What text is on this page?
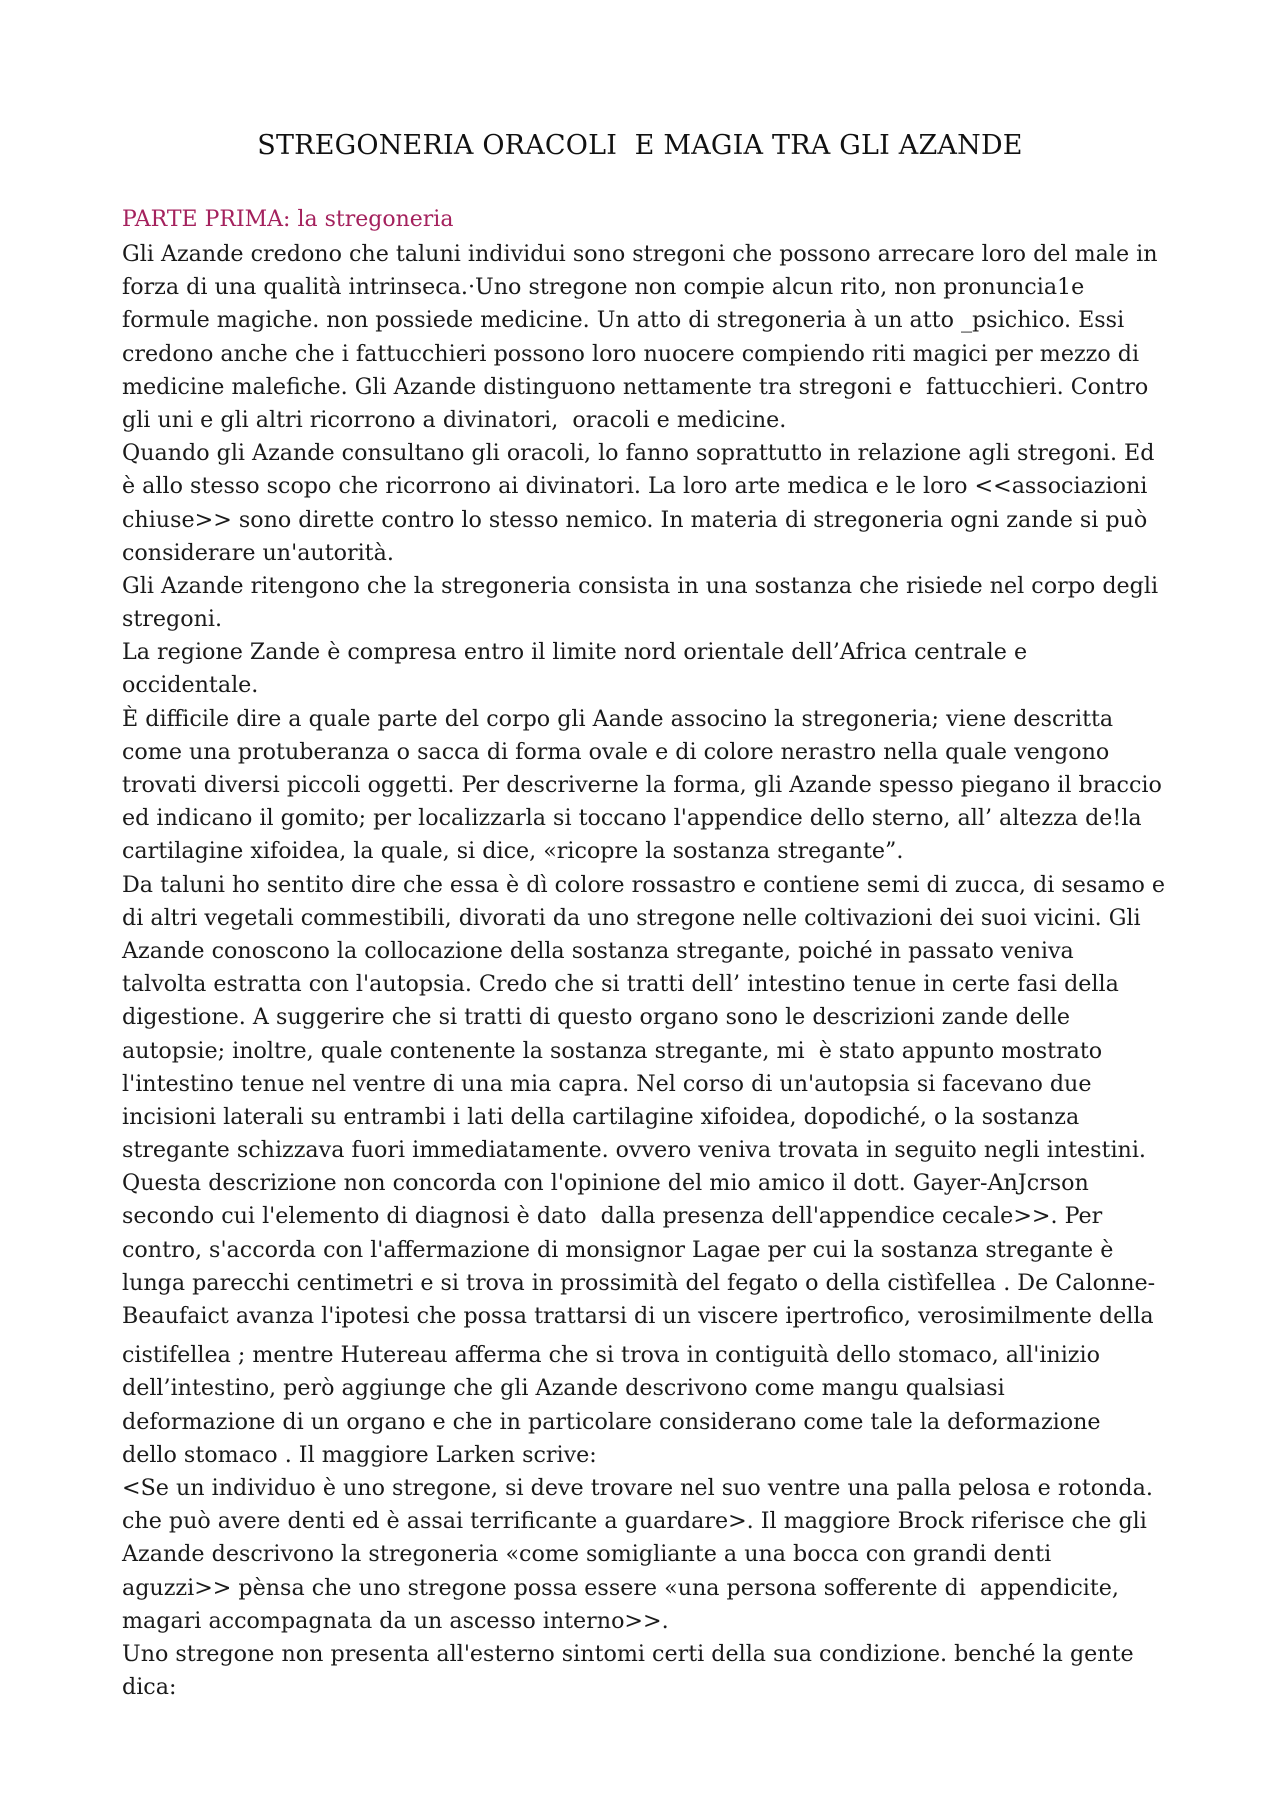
STREGONERIA ORACOLI  E MAGIA TRA GLI AZANDE
PARTE PRIMA: la stregoneria
Gli Azande credono che taluni individui sono stregoni che possono arrecare loro del male in
forza di una qualità intrinseca.·Uno stregone non compie alcun rito, non pronuncia1e
formule magiche. non possiede medicine. Un atto di stregoneria à un atto _psichico. Essi
credono anche che i fattucchieri possono loro nuocere compiendo riti magici per mezzo di
medicine malefiche. Gli Azande distinguono nettamente tra stregoni e  fattucchieri. Contro
gli uni e gli altri ricorrono a divinatori,  oracoli e medicine.
Quando gli Azande consultano gli oracoli, lo fanno soprattutto in relazione agli stregoni. Ed
è allo stesso scopo che ricorrono ai divinatori. La loro arte medica e le loro <<associazioni
chiuse>> sono dirette contro lo stesso nemico. In materia di stregoneria ogni zande si può
considerare un'autorità.
Gli Azande ritengono che la stregoneria consista in una sostanza che risiede nel corpo degli
stregoni.
La regione Zande è compresa entro il limite nord orientale dell’Africa centrale e
occidentale.
È difficile dire a quale parte del corpo gli Aande associno la stregoneria; viene descritta
come una protuberanza o sacca di forma ovale e di colore nerastro nella quale vengono
trovati diversi piccoli oggetti. Per descriverne la forma, gli Azande spesso piegano il braccio
ed indicano il gomito; per localizzarla si toccano l'appendice dello sterno, all’ altezza de!la
cartilagine xifoidea, la quale, si dice, «ricopre la sostanza stregante”.
Da taluni ho sentito dire che essa è dì colore rossastro e contiene semi di zucca, di sesamo e
di altri vegetali commestibili, divorati da uno stregone nelle coltivazioni dei suoi vicini. Gli
Azande conoscono la collocazione della sostanza stregante, poiché in passato veniva
talvolta estratta con l'autopsia. Credo che si tratti dell’ intestino tenue in certe fasi della
digestione. A suggerire che si tratti di questo organo sono le descrizioni zande delle
autopsie; inoltre, quale contenente la sostanza stregante, mi  è stato appunto mostrato
l'intestino tenue nel ventre di una mia capra. Nel corso di un'autopsia si facevano due
incisioni laterali su entrambi i lati della cartilagine xifoidea, dopodiché, o la sostanza
stregante schizzava fuori immediatamente. ovvero veniva trovata in seguito negli intestini.
Questa descrizione non concorda con l'opinione del mio amico il dott. Gayer-AnJcrson
secondo cui l'elemento di diagnosi è dato  dalla presenza dell'appendice cecale>>. Per
contro, s'accorda con l'affermazione di monsignor Lagae per cui la sostanza stregante è
lunga parecchi centimetri e si trova in prossimità del fegato o della cistìfellea . De Calonne-
Beaufaict avanza l'ipotesi che possa trattarsi di un viscere ipertrofico, verosimilmente della
cistifellea ; mentre Hutereau afferma che si trova in contiguità dello stomaco, all'inizio
dell’intestino, però aggiunge che gli Azande descrivono come mangu qualsiasi
deformazione di un organo e che in particolare considerano come tale la deformazione
dello stomaco . Il maggiore Larken scrive:
<Se un individuo è uno stregone, si deve trovare nel suo ventre una palla pelosa e rotonda.
che può avere denti ed è assai terrificante a guardare>. Il maggiore Brock riferisce che gli
Azande descrivono la stregoneria «come somigliante a una bocca con grandi denti
aguzzi>> pènsa che uno stregone possa essere «una persona sofferente di  appendicite,
magari accompagnata da un ascesso interno>>.
Uno stregone non presenta all'esterno sintomi certi della sua condizione. benché la gente
dica:
